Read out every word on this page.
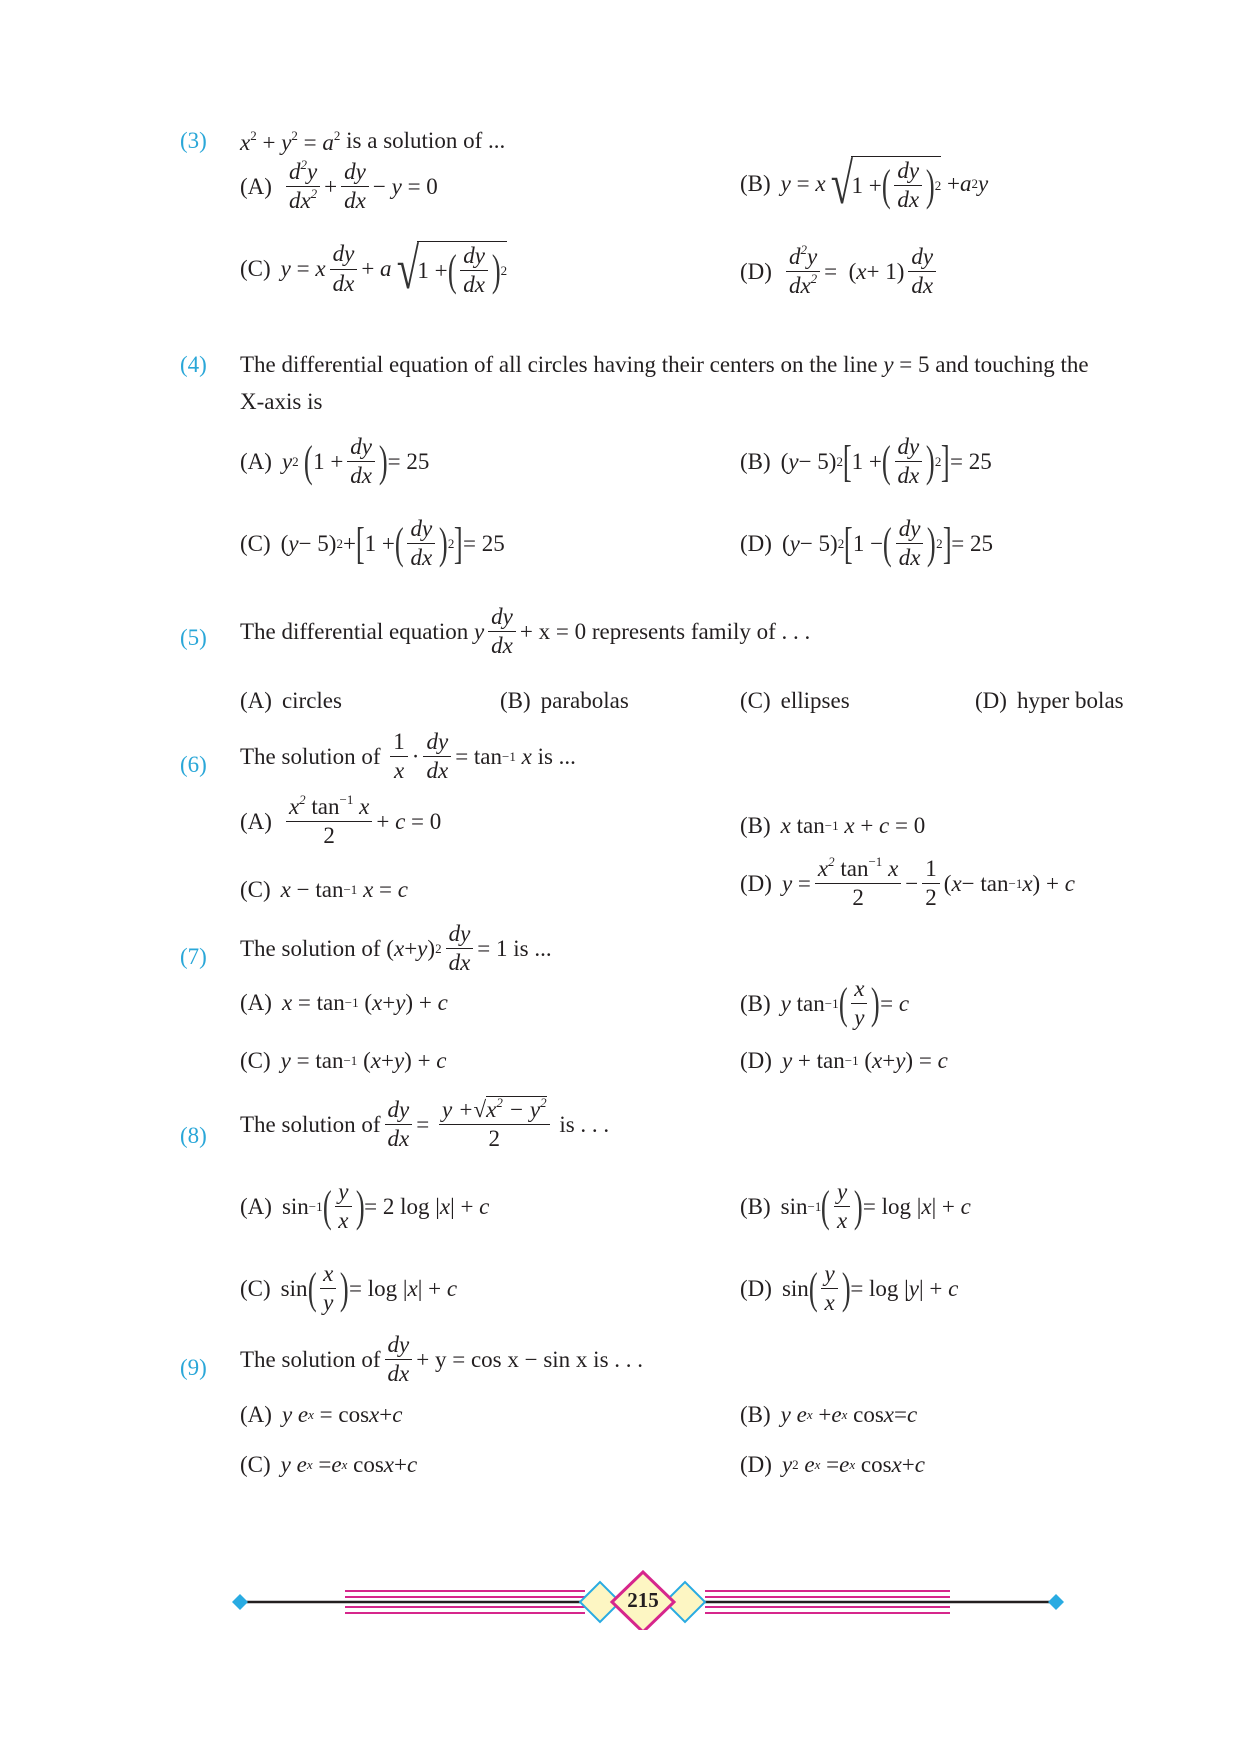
(3) $x^2 + y^2 = a^2$ is a solution of ...
$(A) \frac{d^2y}{dx^2} + \frac{dy}{dx} - y = 0$	(B) y = x √
1 + ( $\frac{dy}{dx}$ ) 2 + a 2 y
(C) y = x $\frac{dy}{dx} + a$ √
1 + ( $\frac{dy}{dx}$ ) 2	$(D) \frac{d^2y}{dx^2}$ =  ( $x + 1) \frac{dy}{dx}$
(4) The differential equation of all circles having their centers on the line y = 5 and touching the
X-axis is
(A) y 2
( $1 + \frac{dy}{dx}$ ) = 25	(B) ( y − 5) 2 [ 1 + ( $\frac{dy}{dx}$ ) 2 ] = 25
(C) ( y − 5) 2 + [ 1 + ( $\frac{dy}{dx}$ ) 2 ] = 25	(D) ( y − 5) 2 [ 1 − ( $\frac{dy}{dx}$ ) 2 ] = 25
(5) The differential equation
y $\frac{dy}{dx} + x = 0$ represents family of . . .
(A) circles	(B) parabolas	(C) ellipses	(D) hyper bolas
(6) The solution of
$\frac{1}{x} \cdot \frac{dy}{dx} = \tan -1$
x
is ...
$(A) \frac{x^2 \tan^{-1} x}{2} + c = 0$	(B) x tan −1
x + c = 0
(C) x − tan −1
x = c	(D) $y = \frac{x^2 \tan^{-1} x}{2} - \frac{1}{2}$ ( x − tan −1 x ) + c
(7) The solution of ( x + y ) $2 \frac{dy}{dx} = 1$ is ...
(A) x = tan −1 ( x + y ) + c	(B) y tan −1 ( $\frac{x}{y}$ ) = c
(C) y = tan −1 ( x + y ) + c	(D) y + tan −1 ( x + y ) = c
(8) The solution of $\frac{dy}{dx} = \frac{y +√x^2 - y^2}{2}$
is . . .
(A) sin −1 ( $\frac{y}{x}$ ) = 2 log | x | + c	(B) sin −1 ( $\frac{y}{x}$ ) = log | x | + c
(C) sin ( $\frac{x}{y}$ ) = log | x | + c	(D) sin ( $\frac{y}{x}$ ) = log | y | + c
(9) The solution of $\frac{dy}{dx} + y = \cos x - \sin x$ is . . .
(A) y e x = cos x + c	(B) y e x + e x cos x = c
(C) y e x = e x cos x + c	(D) y 2
e x = e x cos x + c
215
